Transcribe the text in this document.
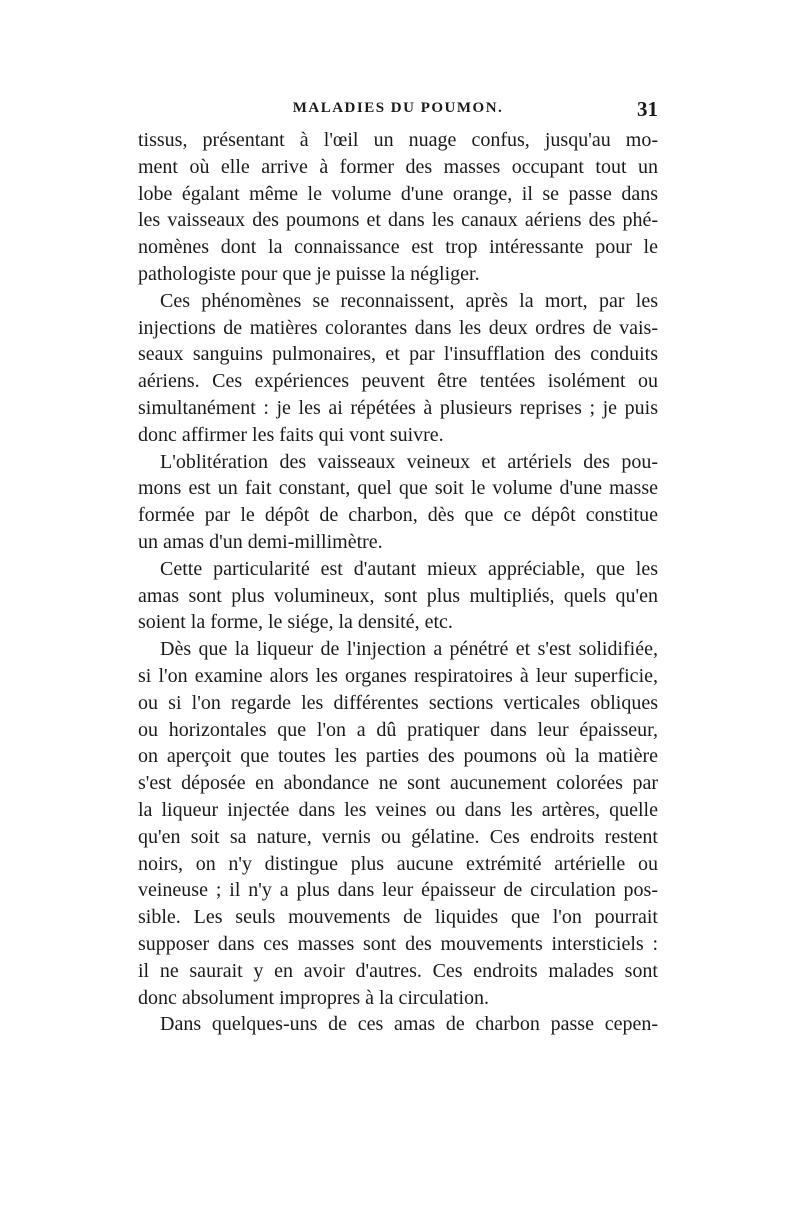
MALADIES DU POUMON.	31
tissus, présentant à l'œil un nuage confus, jusqu'au mo-
ment où elle arrive à former des masses occupant tout un
lobe égalant même le volume d'une orange, il se passe dans
les vaisseaux des poumons et dans les canaux aériens des phé-
nomènes dont la connaissance est trop intéressante pour le
pathologiste pour que je puisse la négliger.
Ces phénomènes se reconnaissent, après la mort, par les
injections de matières colorantes dans les deux ordres de vais-
seaux sanguins pulmonaires, et par l'insufflation des conduits
aériens. Ces expériences peuvent être tentées isolément ou
simultanément : je les ai répétées à plusieurs reprises ; je puis
donc affirmer les faits qui vont suivre.
L'oblitération des vaisseaux veineux et artériels des pou-
mons est un fait constant, quel que soit le volume d'une masse
formée par le dépôt de charbon, dès que ce dépôt constitue
un amas d'un demi-millimètre.
Cette particularité est d'autant mieux appréciable, que les
amas sont plus volumineux, sont plus multipliés, quels qu'en
soient la forme, le siége, la densité, etc.
Dès que la liqueur de l'injection a pénétré et s'est solidifiée,
si l'on examine alors les organes respiratoires à leur superficie,
ou si l'on regarde les différentes sections verticales obliques
ou horizontales que l'on a dû pratiquer dans leur épaisseur,
on aperçoit que toutes les parties des poumons où la matière
s'est déposée en abondance ne sont aucunement colorées par
la liqueur injectée dans les veines ou dans les artères, quelle
qu'en soit sa nature, vernis ou gélatine. Ces endroits restent
noirs, on n'y distingue plus aucune extrémité artérielle ou
veineuse ; il n'y a plus dans leur épaisseur de circulation pos-
sible. Les seuls mouvements de liquides que l'on pourrait
supposer dans ces masses sont des mouvements intersticiels :
il ne saurait y en avoir d'autres. Ces endroits malades sont
donc absolument impropres à la circulation.
Dans quelques-uns de ces amas de charbon passe cepen-
